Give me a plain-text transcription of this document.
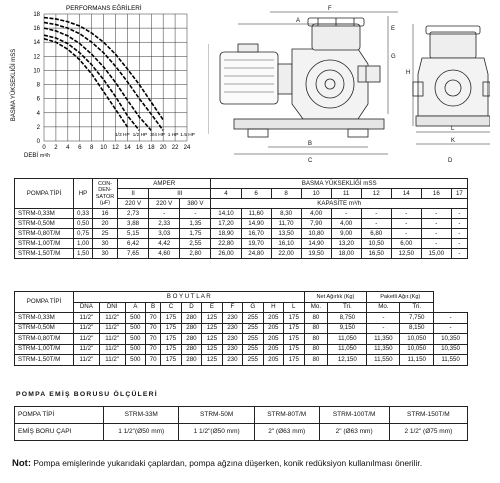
PERFORMANS EĞRİLERİ
BASMA YÜKSEKLİĞİ mSS
DEBİ m³/h
0
2
4
6
8
10
12
14
16
18
0 2 4 6 8 10 12 14 16 18 20 22 24
1/3 HP 1/2 HP 3/4 HP 1 HP 1.5 HP
F
A
G
E
B
C	D
H
K
L
POMPA TİPİ	HP	CON-
DEN-
SATOR
(µF)	AMPER			BASMA YÜKSEKLİĞİ mSS								
			II	III		4	6	8	10	11	12	14	16	17
			220 V	220 V	380 V	KAPASİTE m³/h								
STRM-0,33M	0,33	16	2,73	-	-	14,10	11,60	8,30	4,00	-	-	-	-	-
STRM-0,50M	0,50	20	3,88	2,33	1,35	17,20	14,90	11,70	7,90	4,00	-	-	-	-
STRM-0,80T/M	0,75	25	5,15	3,03	1,75	18,90	16,70	13,50	10,80	9,00	6,80	-	-	-
STRM-1,00T/M	1,00	30	6,42	4,42	2,55	22,80	19,70	16,10	14,90	13,20	10,50	6,00	-	-
STRM-1,50T/M	1,50	30	7,65	4,60	2,80	26,00	24,80	22,00	19,50	18,00	16,50	12,50	15,00	-
POMPA TİPİ	B O Y U T L A R											Net Ağırlık (Kg)		Paketli Ağır.(Kg)		
	DNA	DNI	A	B	C	D	E	F	G	H	L	Mo.	Tri.	Mo.	Tri.	
STRM-0,33M	11/2"	11/2"	500	70	175	280	125	230	255	205	175	80	8,750	-	7,750	-
STRM-0,50M	11/2"	11/2"	500	70	175	280	125	230	255	205	175	80	9,150	-	8,150	-
STRM-0,80T/M	11/2"	11/2"	500	70	175	280	125	230	255	205	175	80	11,050	11,350	10,050	10,350
STRM-1,00T/M	11/2"	11/2"	500	70	175	280	125	230	255	205	175	80	11,050	11,350	10,050	10,350
STRM-1,50T/M	11/2"	11/2"	500	70	175	280	125	230	255	205	175	80	12,150	11,550	11,150	11,550
POMPA EMİŞ BORUSU ÖLÇÜLERİ
POMPA TİPİ	STRM-33M	STRM-50M	STRM-80T/M	STRM-100T/M	STRM-150T/M
EMİŞ BORU ÇAPI	1 1/2"(Ø50 mm)	1 1/2"(Ø50 mm)	2" (Ø63 mm)	2" (Ø63 mm)	2 1/2" (Ø75 mm)
Not: Pompa emişlerinde yukarıdaki çaplardan, pompa ağzına düşerken, konik redüksiyon kullanılması önerilir.
